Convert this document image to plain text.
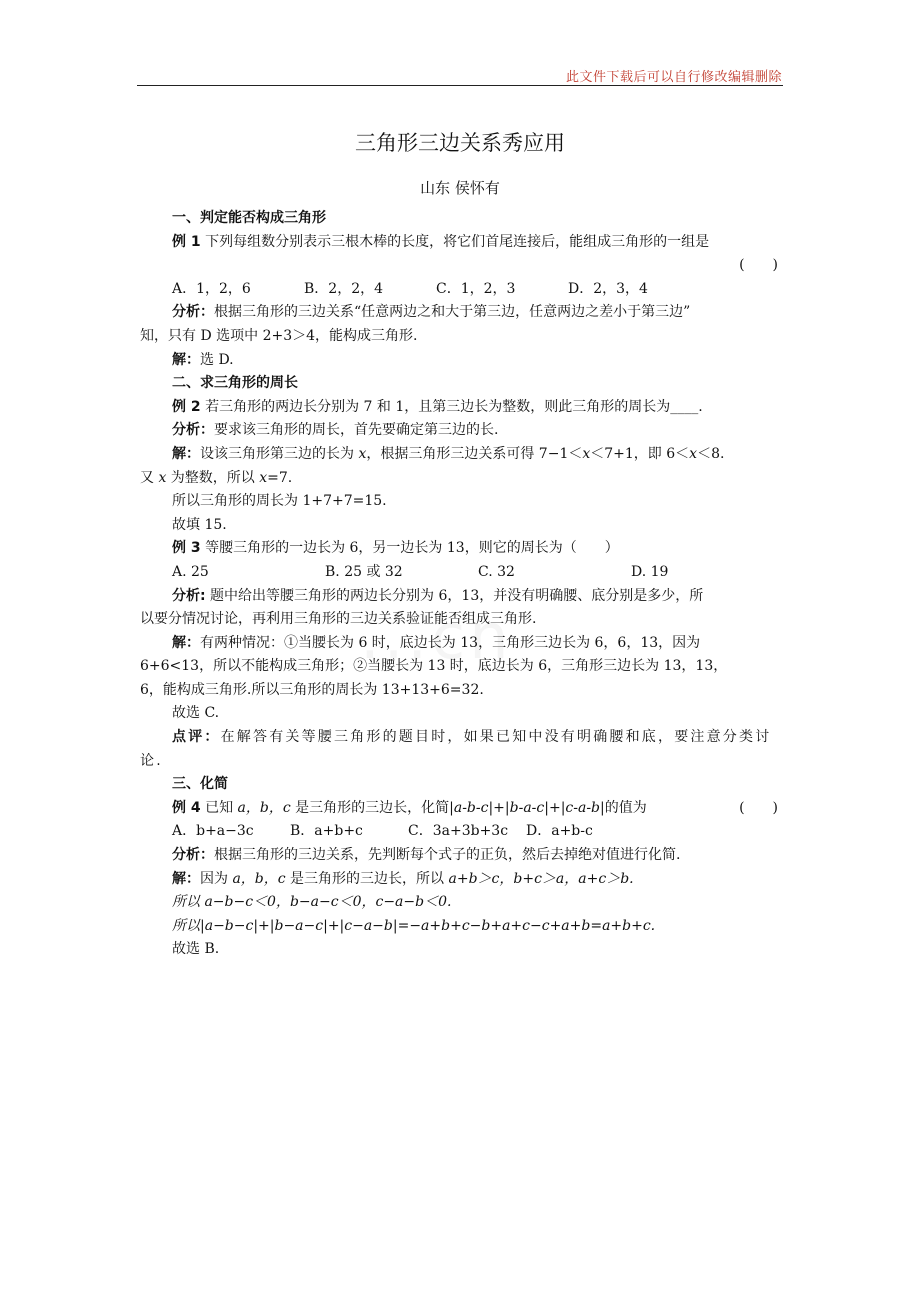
此文件下载后可以自行修改编辑删除
三角形三边关系秀应用
山东 侯怀有

一、判定能否构成三角形

例 1 下列每组数分别表示三根木棒的长度，将它们首尾连接后，能组成三角形的一组是

(　　)

A．1，2，6	B．2，2，4	C．1，2，3	D．2，3，4

分析：根据三角形的三边关系“任意两边之和大于第三边，任意两边之差小于第三边”

知，只有 D 选项中 2+3＞4，能构成三角形.

解：选 D.

二、求三角形的周长

例 2 若三角形的两边长分别为 7 和 1，且第三边长为整数，则此三角形的周长为____.

分析：要求该三角形的周长，首先要确定第三边的长.

解：设该三角形第三边的长为 x，根据三角形三边关系可得 7−1＜x＜7+1，即 6＜x＜8.

又 x 为整数，所以 x=7.

所以三角形的周长为 1+7+7=15.

故填 15.

例 3 等腰三角形的一边长为 6，另一边长为 13，则它的周长为（　　）

A. 25	B. 25 或 32	C. 32	D. 19

分析: 题中给出等腰三角形的两边长分别为 6，13，并没有明确腰、底分别是多少，所

以要分情况讨论，再利用三角形的三边关系验证能否组成三角形.

解：有两种情况：①当腰长为 6 时，底边长为 13，三角形三边长为 6，6，13，因为

6+6<13，所以不能构成三角形；②当腰长为 13 时，底边长为 6，三角形三边长为 13，13，

6，能构成三角形.所以三角形的周长为 13+13+6=32.

故选 C.

点评：在解答有关等腰三角形的题目时，如果已知中没有明确腰和底，要注意分类讨

论.

三、化简

例 4 已知 a，b，c 是三角形的三边长，化简|a-b-c|+|b-a-c|+|c-a-b|的值为	(　　)

A．b+a−3c	B．a+b+c	C．3a+3b+3c	D．a+b-c

分析：根据三角形的三边关系，先判断每个式子的正负，然后去掉绝对值进行化简.

解：因为 a，b，c 是三角形的三边长，所以 a+b＞c，b+c＞a，a+c＞b.

所以 a−b−c＜0，b−a−c＜0，c−a−b＜0.

所以|a−b−c|+|b−a−c|+|c−a−b|=−a+b+c−b+a+c−c+a+b=a+b+c.

故选 B.
